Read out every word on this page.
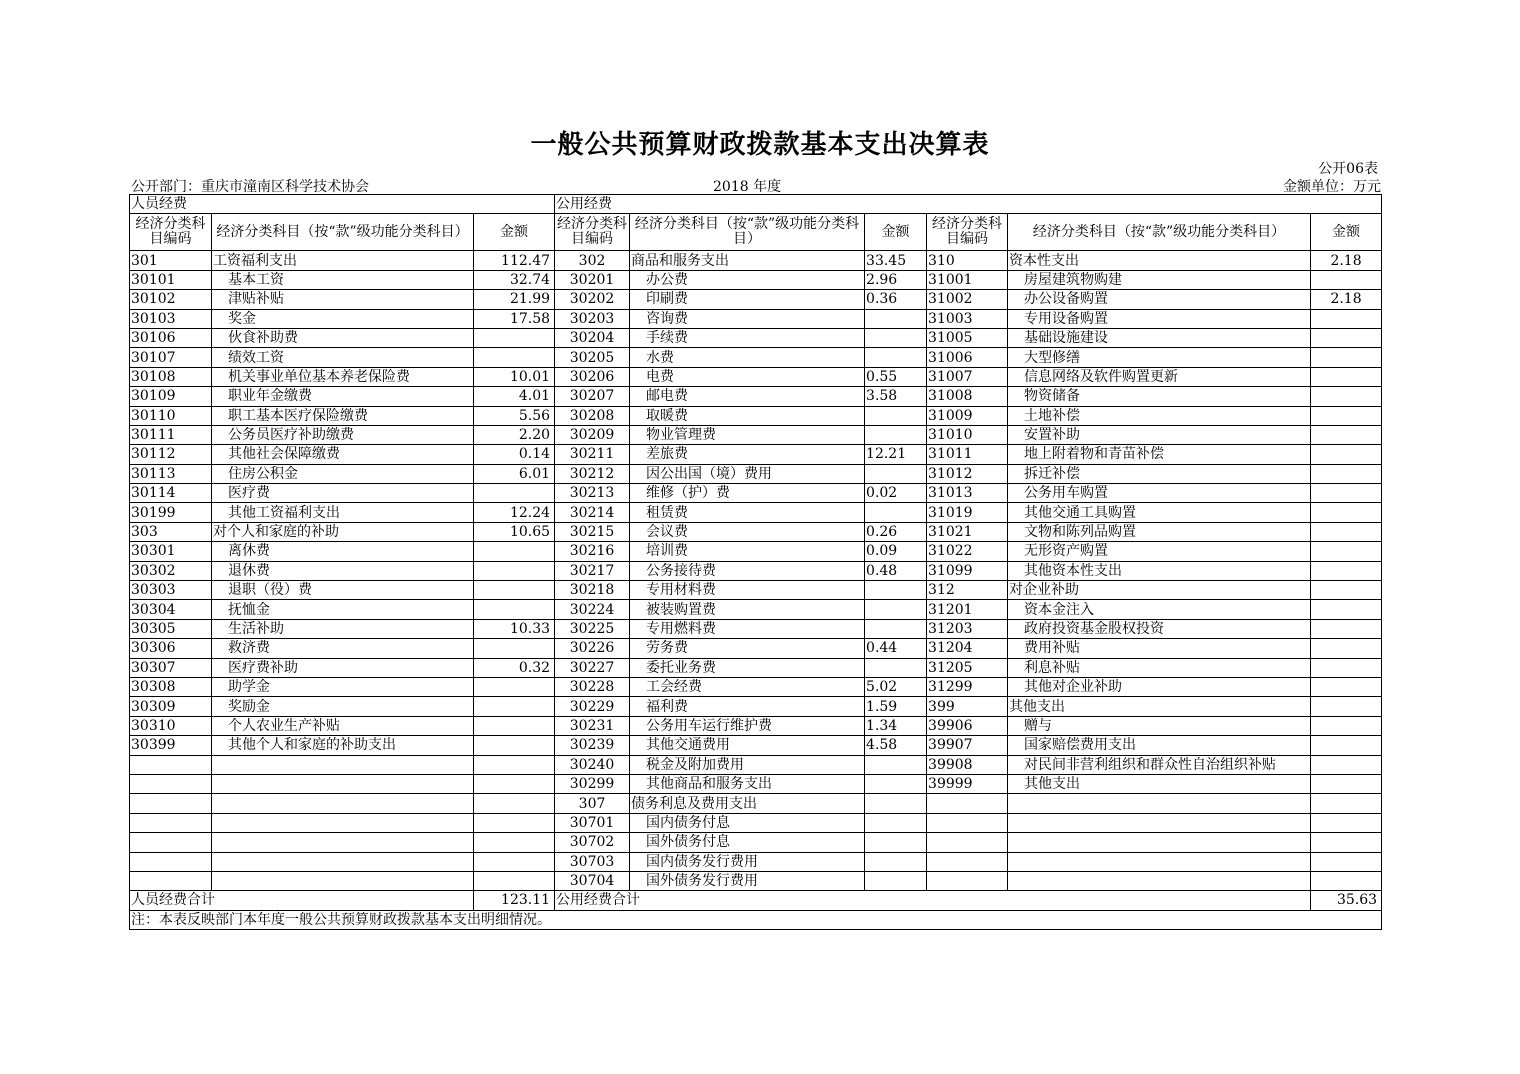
一般公共预算财政拨款基本支出决算表
公开06表
公开部门：重庆市潼南区科学技术协会	2018 年度	金额单位：万元
人员经费			公用经费					
经济分类科目编码	经济分类科目（按“款”级功能分类科目）	金额	经济分类科目编码	经济分类科目（按“款”级功能分类科目）	金额	经济分类科目编码	经济分类科目（按“款”级功能分类科目）	金额
301	工资福利支出	112.47	302	商品和服务支出	33.45	310	资本性支出	2.18
30101	基本工资	32.74	30201	办公费	2.96	31001	房屋建筑物购建	
30102	津贴补贴	21.99	30202	印刷费	0.36	31002	办公设备购置	2.18
30103	奖金	17.58	30203	咨询费		31003	专用设备购置	
30106	伙食补助费		30204	手续费		31005	基础设施建设	
30107	绩效工资		30205	水费		31006	大型修缮	
30108	机关事业单位基本养老保险费	10.01	30206	电费	0.55	31007	信息网络及软件购置更新	
30109	职业年金缴费	4.01	30207	邮电费	3.58	31008	物资储备	
30110	职工基本医疗保险缴费	5.56	30208	取暖费		31009	土地补偿	
30111	公务员医疗补助缴费	2.20	30209	物业管理费		31010	安置补助	
30112	其他社会保障缴费	0.14	30211	差旅费	12.21	31011	地上附着物和青苗补偿	
30113	住房公积金	6.01	30212	因公出国（境）费用		31012	拆迁补偿	
30114	医疗费		30213	维修（护）费	0.02	31013	公务用车购置	
30199	其他工资福利支出	12.24	30214	租赁费		31019	其他交通工具购置	
303	对个人和家庭的补助	10.65	30215	会议费	0.26	31021	文物和陈列品购置	
30301	离休费		30216	培训费	0.09	31022	无形资产购置	
30302	退休费		30217	公务接待费	0.48	31099	其他资本性支出	
30303	退职（役）费		30218	专用材料费		312	对企业补助	
30304	抚恤金		30224	被装购置费		31201	资本金注入	
30305	生活补助	10.33	30225	专用燃料费		31203	政府投资基金股权投资	
30306	救济费		30226	劳务费	0.44	31204	费用补贴	
30307	医疗费补助	0.32	30227	委托业务费		31205	利息补贴	
30308	助学金		30228	工会经费	5.02	31299	其他对企业补助	
30309	奖励金		30229	福利费	1.59	399	其他支出	
30310	个人农业生产补贴		30231	公务用车运行维护费	1.34	39906	赠与	
30399	其他个人和家庭的补助支出		30239	其他交通费用	4.58	39907	国家赔偿费用支出	
			30240	税金及附加费用		39908	对民间非营利组织和群众性自治组织补贴	
			30299	其他商品和服务支出		39999	其他支出	
			307	债务利息及费用支出				
			30701	国内债务付息				
			30702	国外债务付息				
			30703	国内债务发行费用				
			30704	国外债务发行费用				
人员经费合计		123.11	公用经费合计					35.63
注：本表反映部门本年度一般公共预算财政拨款基本支出明细情况。								
